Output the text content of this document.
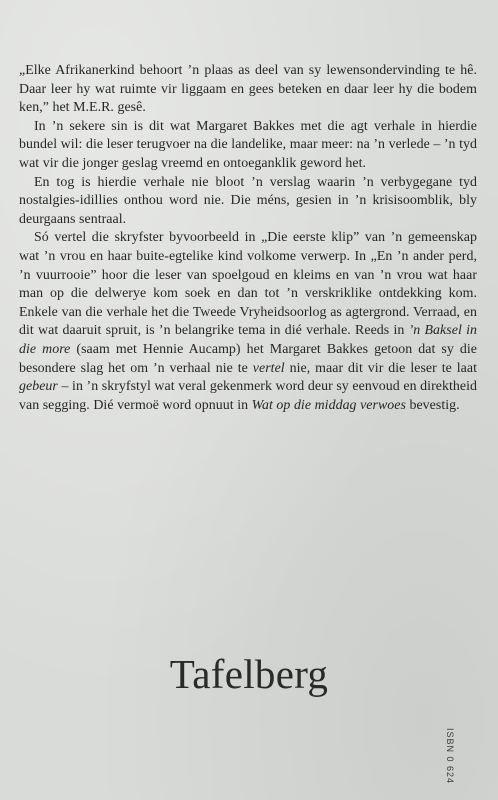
„Elke Afrikanerkind behoort ’n plaas as deel van sy lewensondervinding te hê. Daar leer hy wat ruimte vir liggaam en gees beteken en daar leer hy die bodem ken,” het M.E.R. gesê.

In ’n sekere sin is dit wat Margaret Bakkes met die agt verhale in hierdie bundel wil: die leser terugvoer na die landelike, maar meer: na ’n verlede – ’n tyd wat vir die jonger geslag vreemd en ontoeganklik geword het.

En tog is hierdie verhale nie bloot ’n verslag waarin ’n verbygegane tyd nostalgies-idillies onthou word nie. Die méns, gesien in ’n krisisoomblik, bly deurgaans sentraal.

Só vertel die skryfster byvoorbeeld in „Die eerste klip” van ’n gemeenskap wat ’n vrou en haar buite-egtelike kind volkome verwerp. In „En ’n ander perd, ’n vuurrooie” hoor die leser van spoelgoud en kleims en van ’n vrou wat haar man op die delwerye kom soek en dan tot ’n verskriklike ontdekking kom. Enkele van die verhale het die Tweede Vryheidsoorlog as agtergrond. Verraad, en dit wat daaruit spruit, is ’n belangrike tema in dié verhale. Reeds in ’n Baksel in die more (saam met Hennie Aucamp) het Margaret Bakkes getoon dat sy die besondere slag het om ’n verhaal nie te vertel nie, maar dit vir die leser te laat gebeur – in ’n skryfstyl wat veral gekenmerk word deur sy eenvoud en direktheid van segging. Dié vermoë word opnuut in Wat op die middag verwoes bevestig.

Tafelberg
ISBN 0 624
